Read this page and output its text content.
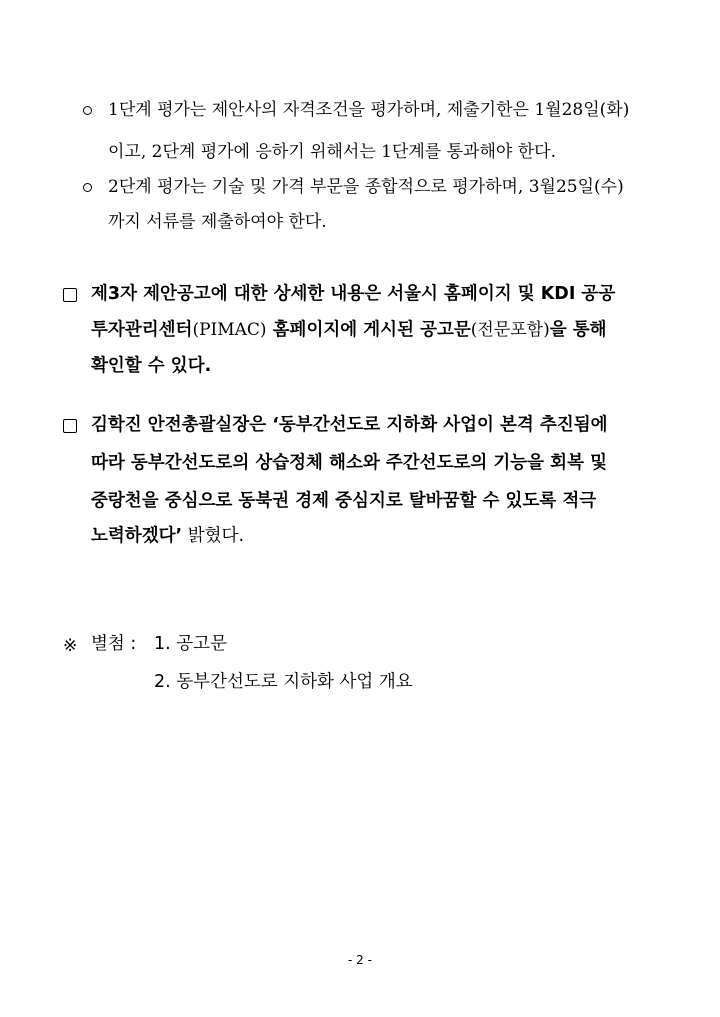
1단계 평가는 제안사의 자격조건을 평가하며, 제출기한은 1월28일(화)
이고, 2단계 평가에 응하기 위해서는 1단계를 통과해야 한다.
2단계 평가는 기술 및 가격 부문을 종합적으로 평가하며, 3월25일(수)
까지 서류를 제출하여야 한다.
제3자 제안공고에 대한 상세한 내용은 서울시 홈페이지 및 KDI 공공
투자관리센터(PIMAC) 홈페이지에 게시된 공고문(전문포함)을 통해
확인할 수 있다.
김학진 안전총괄실장은 ‘동부간선도로 지하화 사업이 본격 추진됨에
따라 동부간선도로의 상습정체 해소와 주간선도로의 기능을 회복 및
중랑천을 중심으로 동북권 경제 중심지로 탈바꿈할 수 있도록 적극
노력하겠다’ 밝혔다.
※ 별첨 : 1. 공고문
2. 동부간선도로 지하화 사업 개요
- 2 -
